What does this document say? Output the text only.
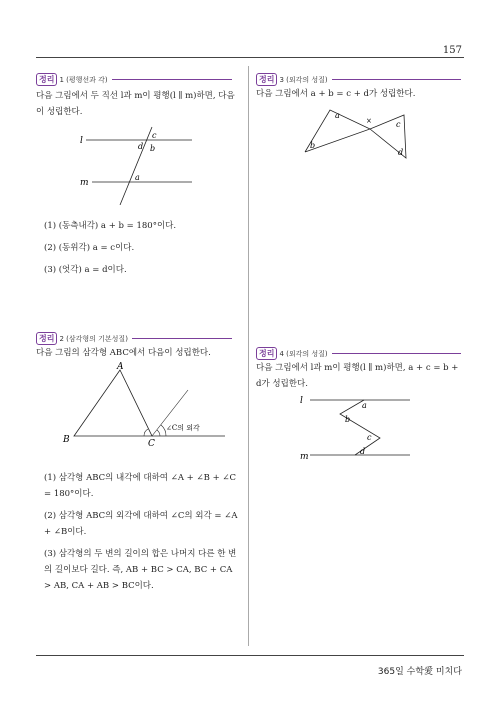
157
정리 1 (평행선과 각)
다음 그림에서 두 직선 l과 m이 평행(l ∥ m)하면, 다음이 성립한다.
l
m
c
d b
a
(1) (동측내각) a + b = 180°이다.
(2) (동위각) a = c이다.
(3) (엇각) a = d이다.
정리 2 (삼각형의 기본성질)
다음 그림의 삼각형 ABC에서 다음이 성립한다.
A
B	C
∠C의 외각
(1) 삼각형 ABC의 내각에 대하여 ∠A + ∠B + ∠C = 180°이다.
(2) 삼각형 ABC의 외각에 대하여 ∠C의 외각 = ∠A + ∠B이다.
(3) 삼각형의 두 변의 길이의 합은 나머지 다른 한 변의 길이보다 길다. 즉, AB + BC > CA, BC + CA > AB, CA + AB > BC이다.
정리 3 (외각의 성질)
다음 그림에서 a + b = c + d가 성립한다.
a
b
c
d
×
정리 4 (외각의 성질)
다음 그림에서 l과 m이 평행(l ∥ m)하면, a + c = b + d가 성립한다.
l
m
a
b
c
d
365일 수학愛 미치다
